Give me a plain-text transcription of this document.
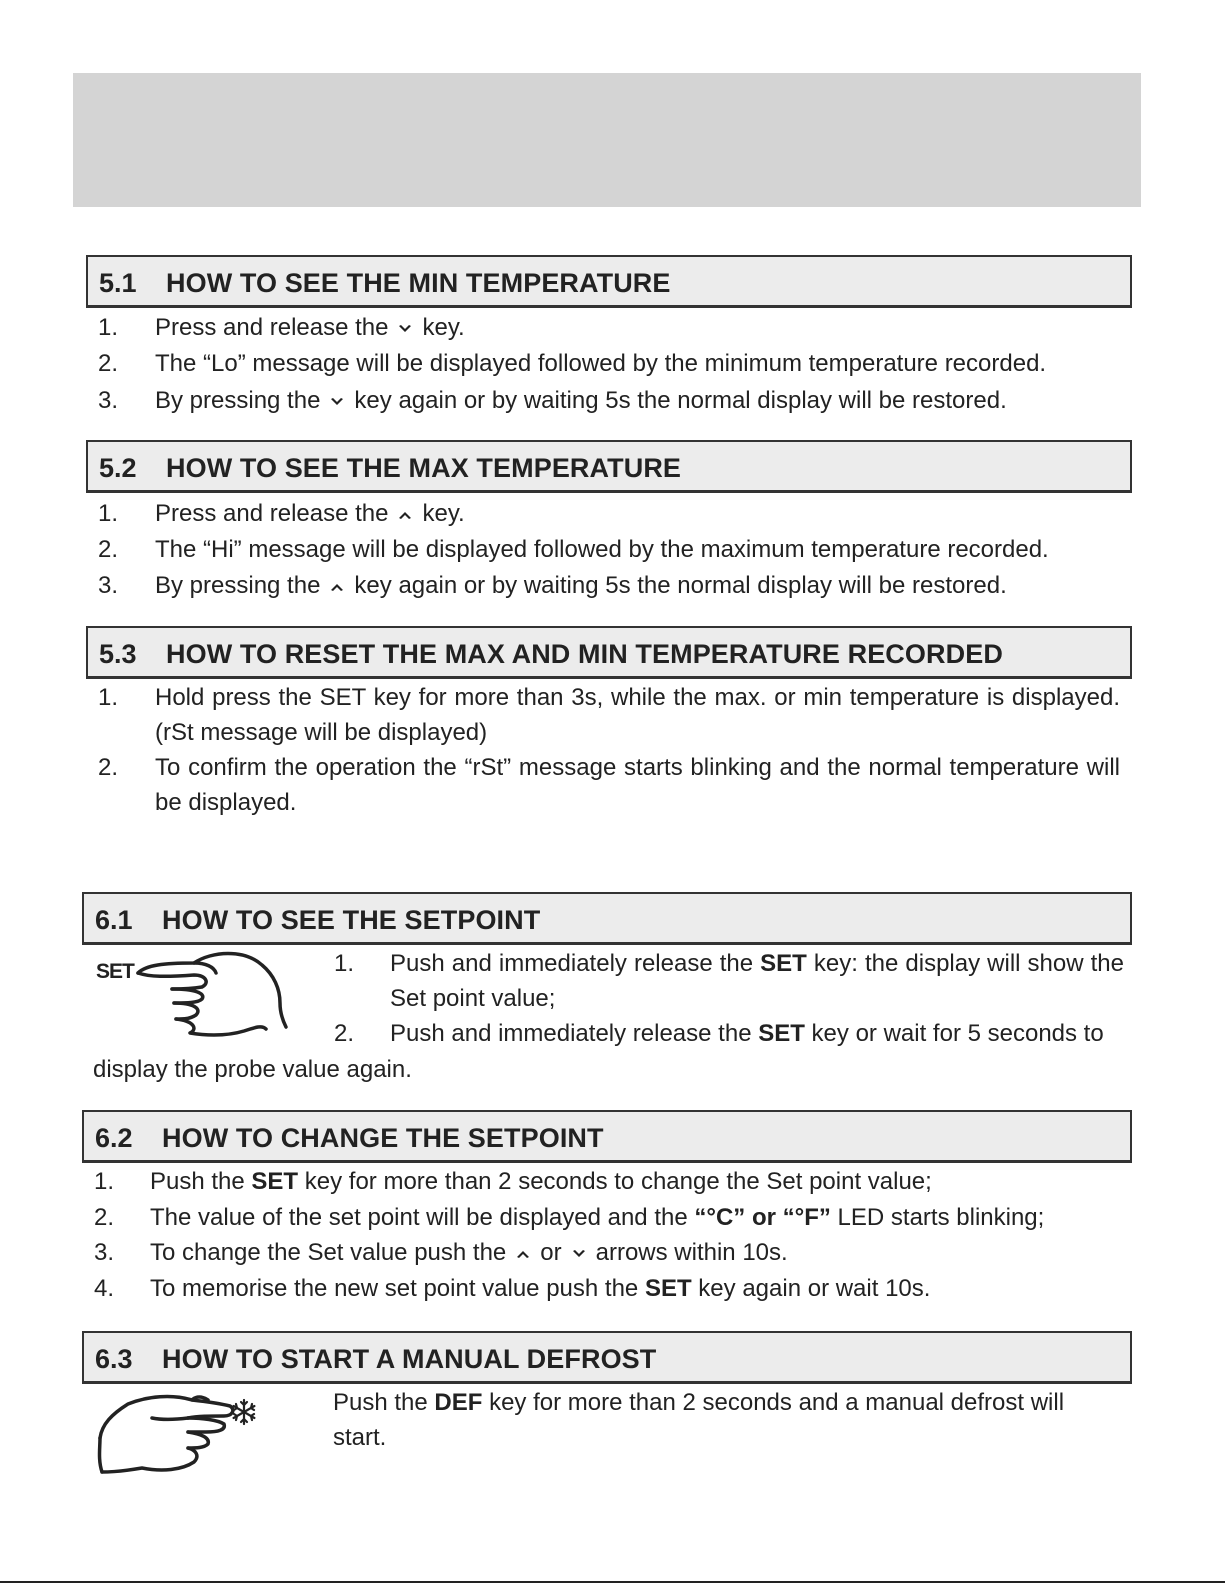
5.1 HOW TO SEE THE MIN TEMPERATURE
1. Press and release the key.
2. The “Lo” message will be displayed followed by the minimum temperature recorded.
3. By pressing the key again or by waiting 5s the normal display will be restored.
5.2 HOW TO SEE THE MAX TEMPERATURE
1. Press and release the key.
2. The “Hi” message will be displayed followed by the maximum temperature recorded.
3. By pressing the key again or by waiting 5s the normal display will be restored.
5.3 HOW TO RESET THE MAX AND MIN TEMPERATURE RECORDED
1. Hold press the SET key for more than 3s, while the max. or min temperature is displayed. (rSt message will be displayed)
2. To confirm the operation the “rSt” message starts blinking and the normal temperature will be displayed.
6.1 HOW TO SEE THE SETPOINT
SET	1. Push and immediately release the SET key: the display will show the Set point value;
2. Push and immediately release the SET key or wait for 5 seconds to
display the probe value again.
6.2 HOW TO CHANGE THE SETPOINT
1. Push the SET key for more than 2 seconds to change the Set point value;
2. The value of the set point will be displayed and the “°C” or “°F” LED starts blinking;
3. To change the Set value push the or arrows within 10s.
4. To memorise the new set point value push the SET key again or wait 10s.
6.3 HOW TO START A MANUAL DEFROST
Push the DEF key for more than 2 seconds and a manual defrost will start.
